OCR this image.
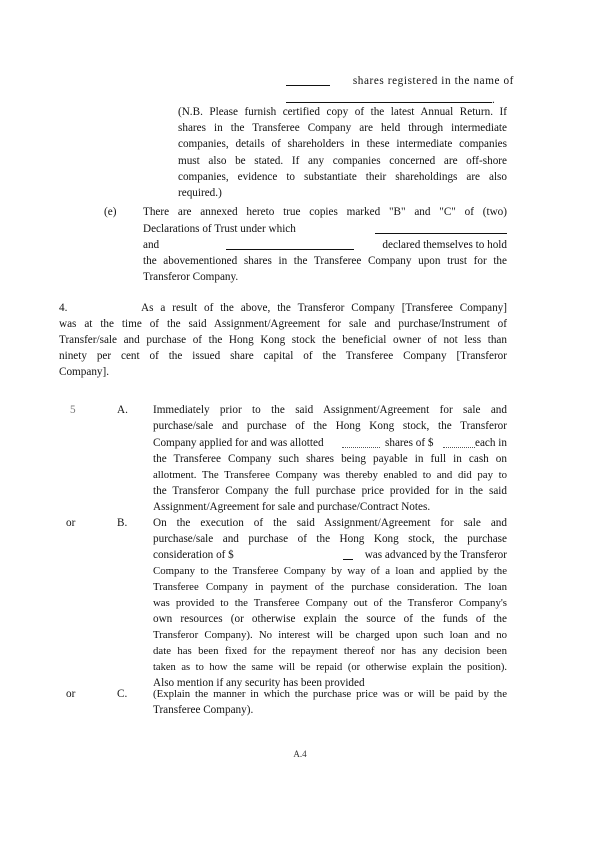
shares registered in the name of
.
(N.B. Please furnish certified copy of the latest Annual Return. If
shares in the Transferee Company are held through intermediate
companies, details of shareholders in these intermediate companies
must also be stated. If any companies concerned are off-shore
companies, evidence to substantiate their shareholdings are also
required.)
(e) There are annexed hereto true copies marked "B" and "C" of (two)
Declarations of Trust under which
and	declared themselves to hold
the abovementioned shares in the Transferee Company upon trust for the
Transferor Company.
4.	As a result of the above, the Transferor Company [Transferee Company]
was at the time of the said Assignment/Agreement for sale and purchase/Instrument of
Transfer/sale and purchase of the Hong Kong stock the beneficial owner of not less than
ninety per cent of the issued share capital of the Transferee Company [Transferor
Company].
5	A. Immediately prior to the said Assignment/Agreement for sale and
purchase/sale and purchase of the Hong Kong stock, the Transferor
Company applied for and was allotted	shares of $	each in
the Transferee Company such shares being payable in full in cash on
allotment. The Transferee Company was thereby enabled to and did pay to
the Transferor Company the full purchase price provided for in the said
Assignment/Agreement for sale and purchase/Contract Notes.
or	B. On the execution of the said Assignment/Agreement for sale and
purchase/sale and purchase of the Hong Kong stock, the purchase
consideration of $	was advanced by the Transferor
Company to the Transferee Company by way of a loan and applied by the
Transferee Company in payment of the purchase consideration. The loan
was provided to the Transferee Company out of the Transferor Company's
own resources (or otherwise explain the source of the funds of the
Transferor Company). No interest will be charged upon such loan and no
date has been fixed for the repayment thereof nor has any decision been
taken as to how the same will be repaid (or otherwise explain the position).
Also mention if any security has been provided
or	C. (Explain the manner in which the purchase price was or will be paid by the
Transferee Company).
A.4
